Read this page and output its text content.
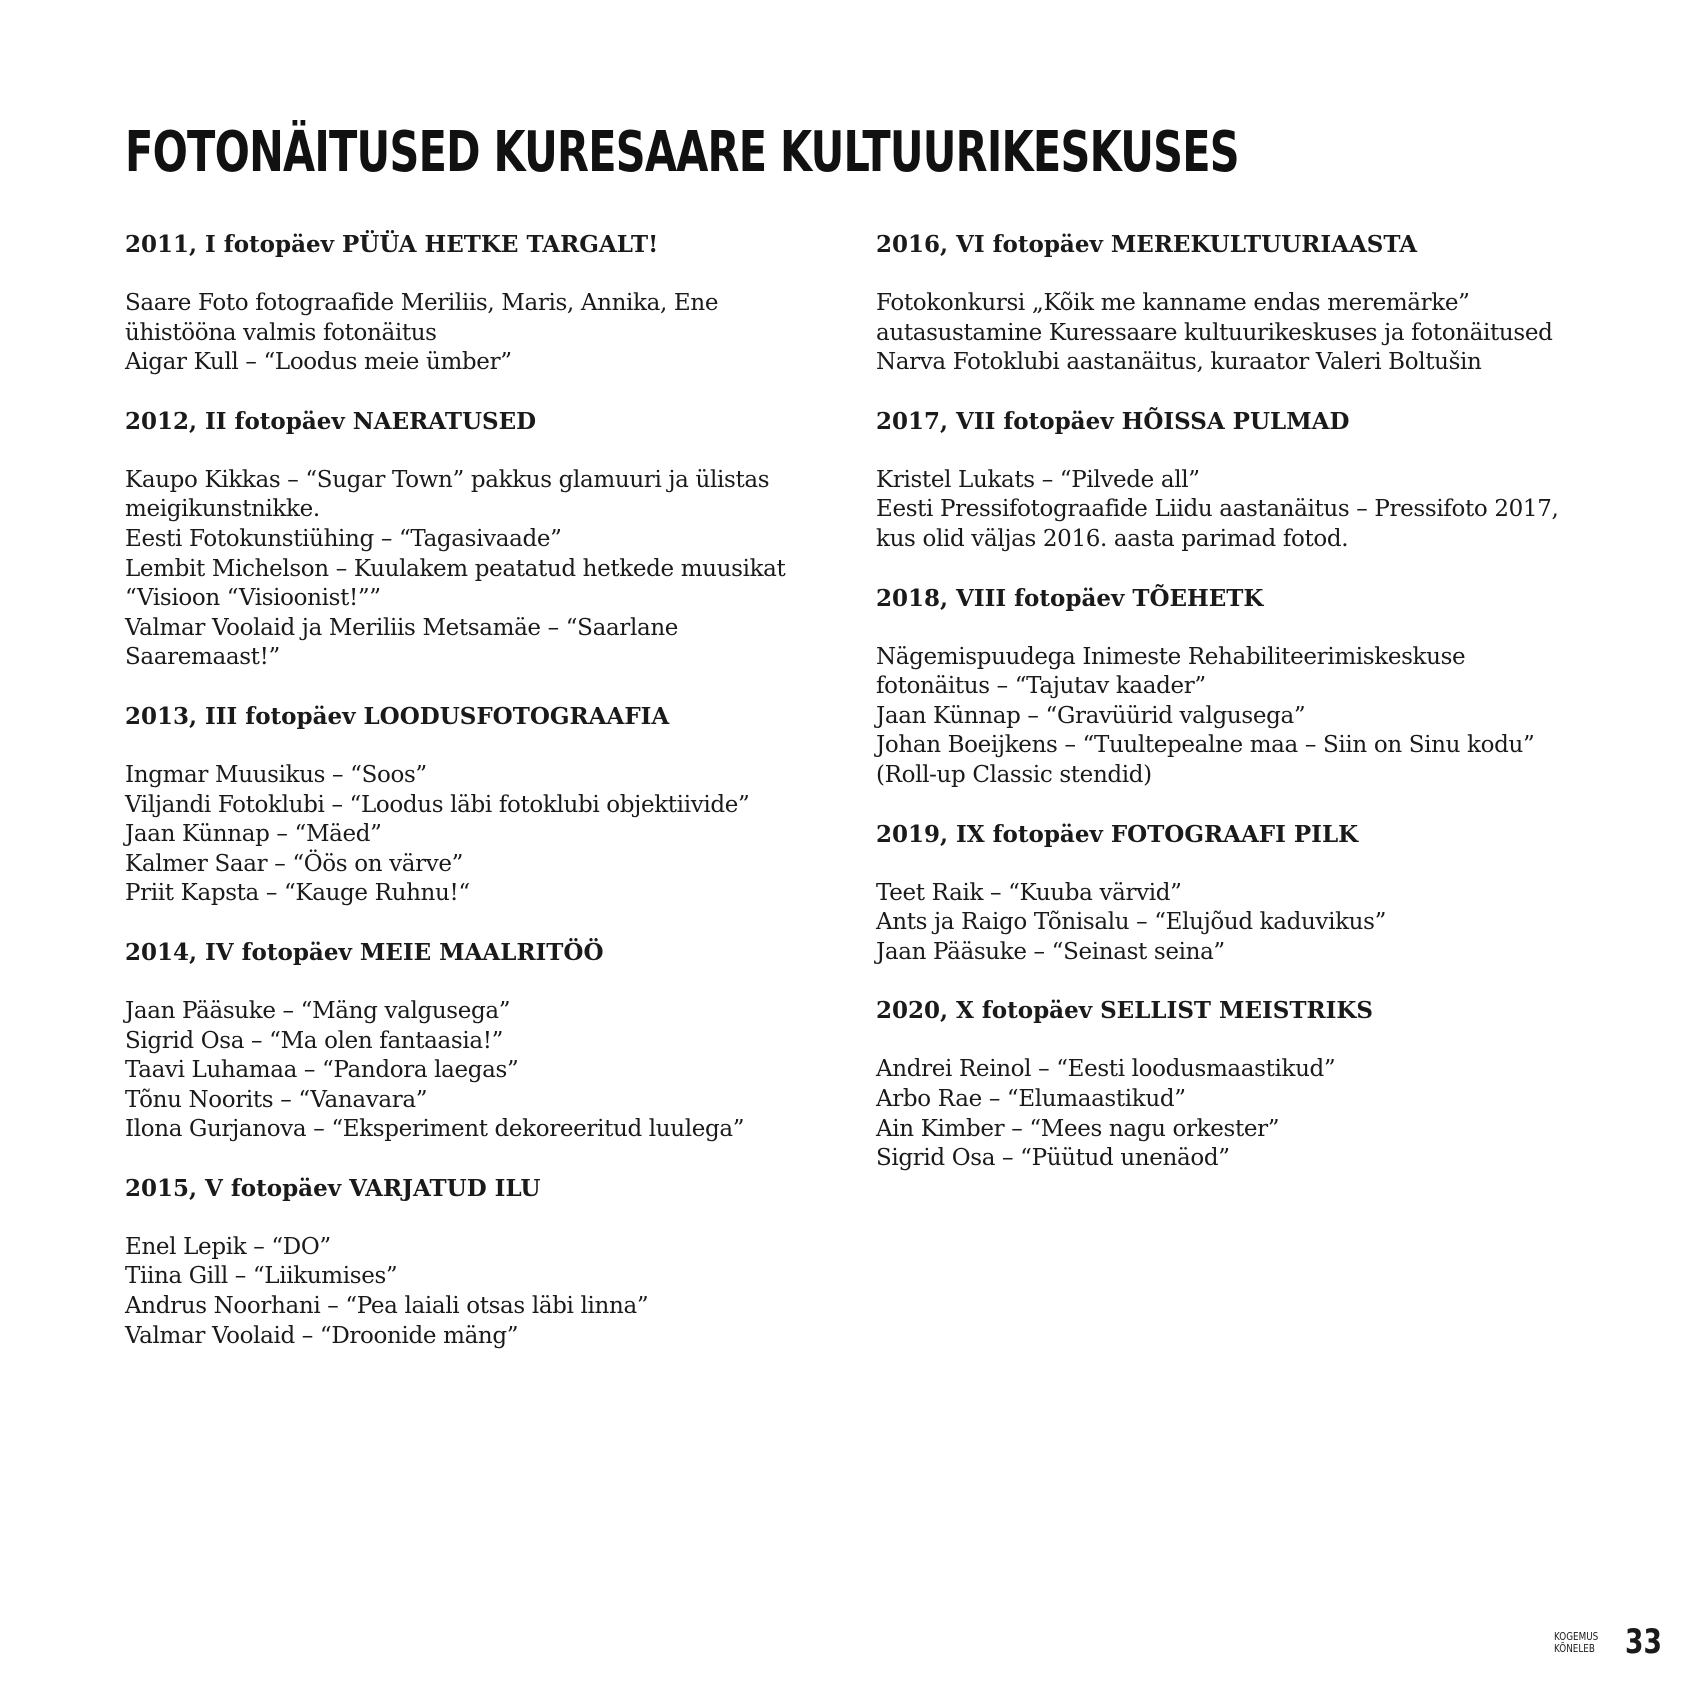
FOTONÄITUSED KURESAARE KULTUURIKESKUSES
2011, I fotopäev PÜÜA HETKE TARGALT!
Saare Foto fotograafide Meriliis, Maris, Annika, Ene
ühistööna valmis fotonäitus
Aigar Kull – “Loodus meie ümber”
2012, II fotopäev NAERATUSED
Kaupo Kikkas – “Sugar Town” pakkus glamuuri ja ülistas
meigikunstnikke.
Eesti Fotokunstiühing – “Tagasivaade”
Lembit Michelson – Kuulakem peatatud hetkede muusikat
“Visioon “Visioonist!””
Valmar Voolaid ja Meriliis Metsamäe – “Saarlane
Saaremaast!”
2013, III fotopäev LOODUSFOTOGRAAFIA
Ingmar Muusikus – “Soos”
Viljandi Fotoklubi – “Loodus läbi fotoklubi objektiivide”
Jaan Künnap – “Mäed”
Kalmer Saar – “Öös on värve”
Priit Kapsta – “Kauge Ruhnu!“
2014, IV fotopäev MEIE MAALRITÖÖ
Jaan Pääsuke – “Mäng valgusega”
Sigrid Osa – “Ma olen fantaasia!”
Taavi Luhamaa – “Pandora laegas”
Tõnu Noorits – “Vanavara”
Ilona Gurjanova – “Eksperiment dekoreeritud luulega”
2015, V fotopäev VARJATUD ILU
Enel Lepik – “DO”
Tiina Gill – “Liikumises”
Andrus Noorhani – “Pea laiali otsas läbi linna”
Valmar Voolaid – “Droonide mäng”
2016, VI fotopäev MEREKULTUURIAASTA
Fotokonkursi „Kõik me kanname endas meremärke”
autasustamine Kuressaare kultuurikeskuses ja fotonäitused
Narva Fotoklubi aastanäitus, kuraator Valeri Boltušin
2017, VII fotopäev HÕISSA PULMAD
Kristel Lukats – “Pilvede all”
Eesti Pressifotograafide Liidu aastanäitus – Pressifoto 2017,
kus olid väljas 2016. aasta parimad fotod.
2018, VIII fotopäev TÕEHETK
Nägemispuudega Inimeste Rehabiliteerimiskeskuse
fotonäitus – “Tajutav kaader”
Jaan Künnap – “Gravüürid valgusega”
Johan Boeijkens – “Tuultepealne maa – Siin on Sinu kodu”
(Roll-up Classic stendid)
2019, IX fotopäev FOTOGRAAFI PILK
Teet Raik – “Kuuba värvid”
Ants ja Raigo Tõnisalu – “Elujõud kaduvikus”
Jaan Pääsuke – “Seinast seina”
2020, X fotopäev SELLIST MEISTRIKS
Andrei Reinol – “Eesti loodusmaastikud”
Arbo Rae – “Elumaastikud”
Ain Kimber – “Mees nagu orkester”
Sigrid Osa – “Püütud unenäod”
KOGEMUS
KÕNELEB 33
